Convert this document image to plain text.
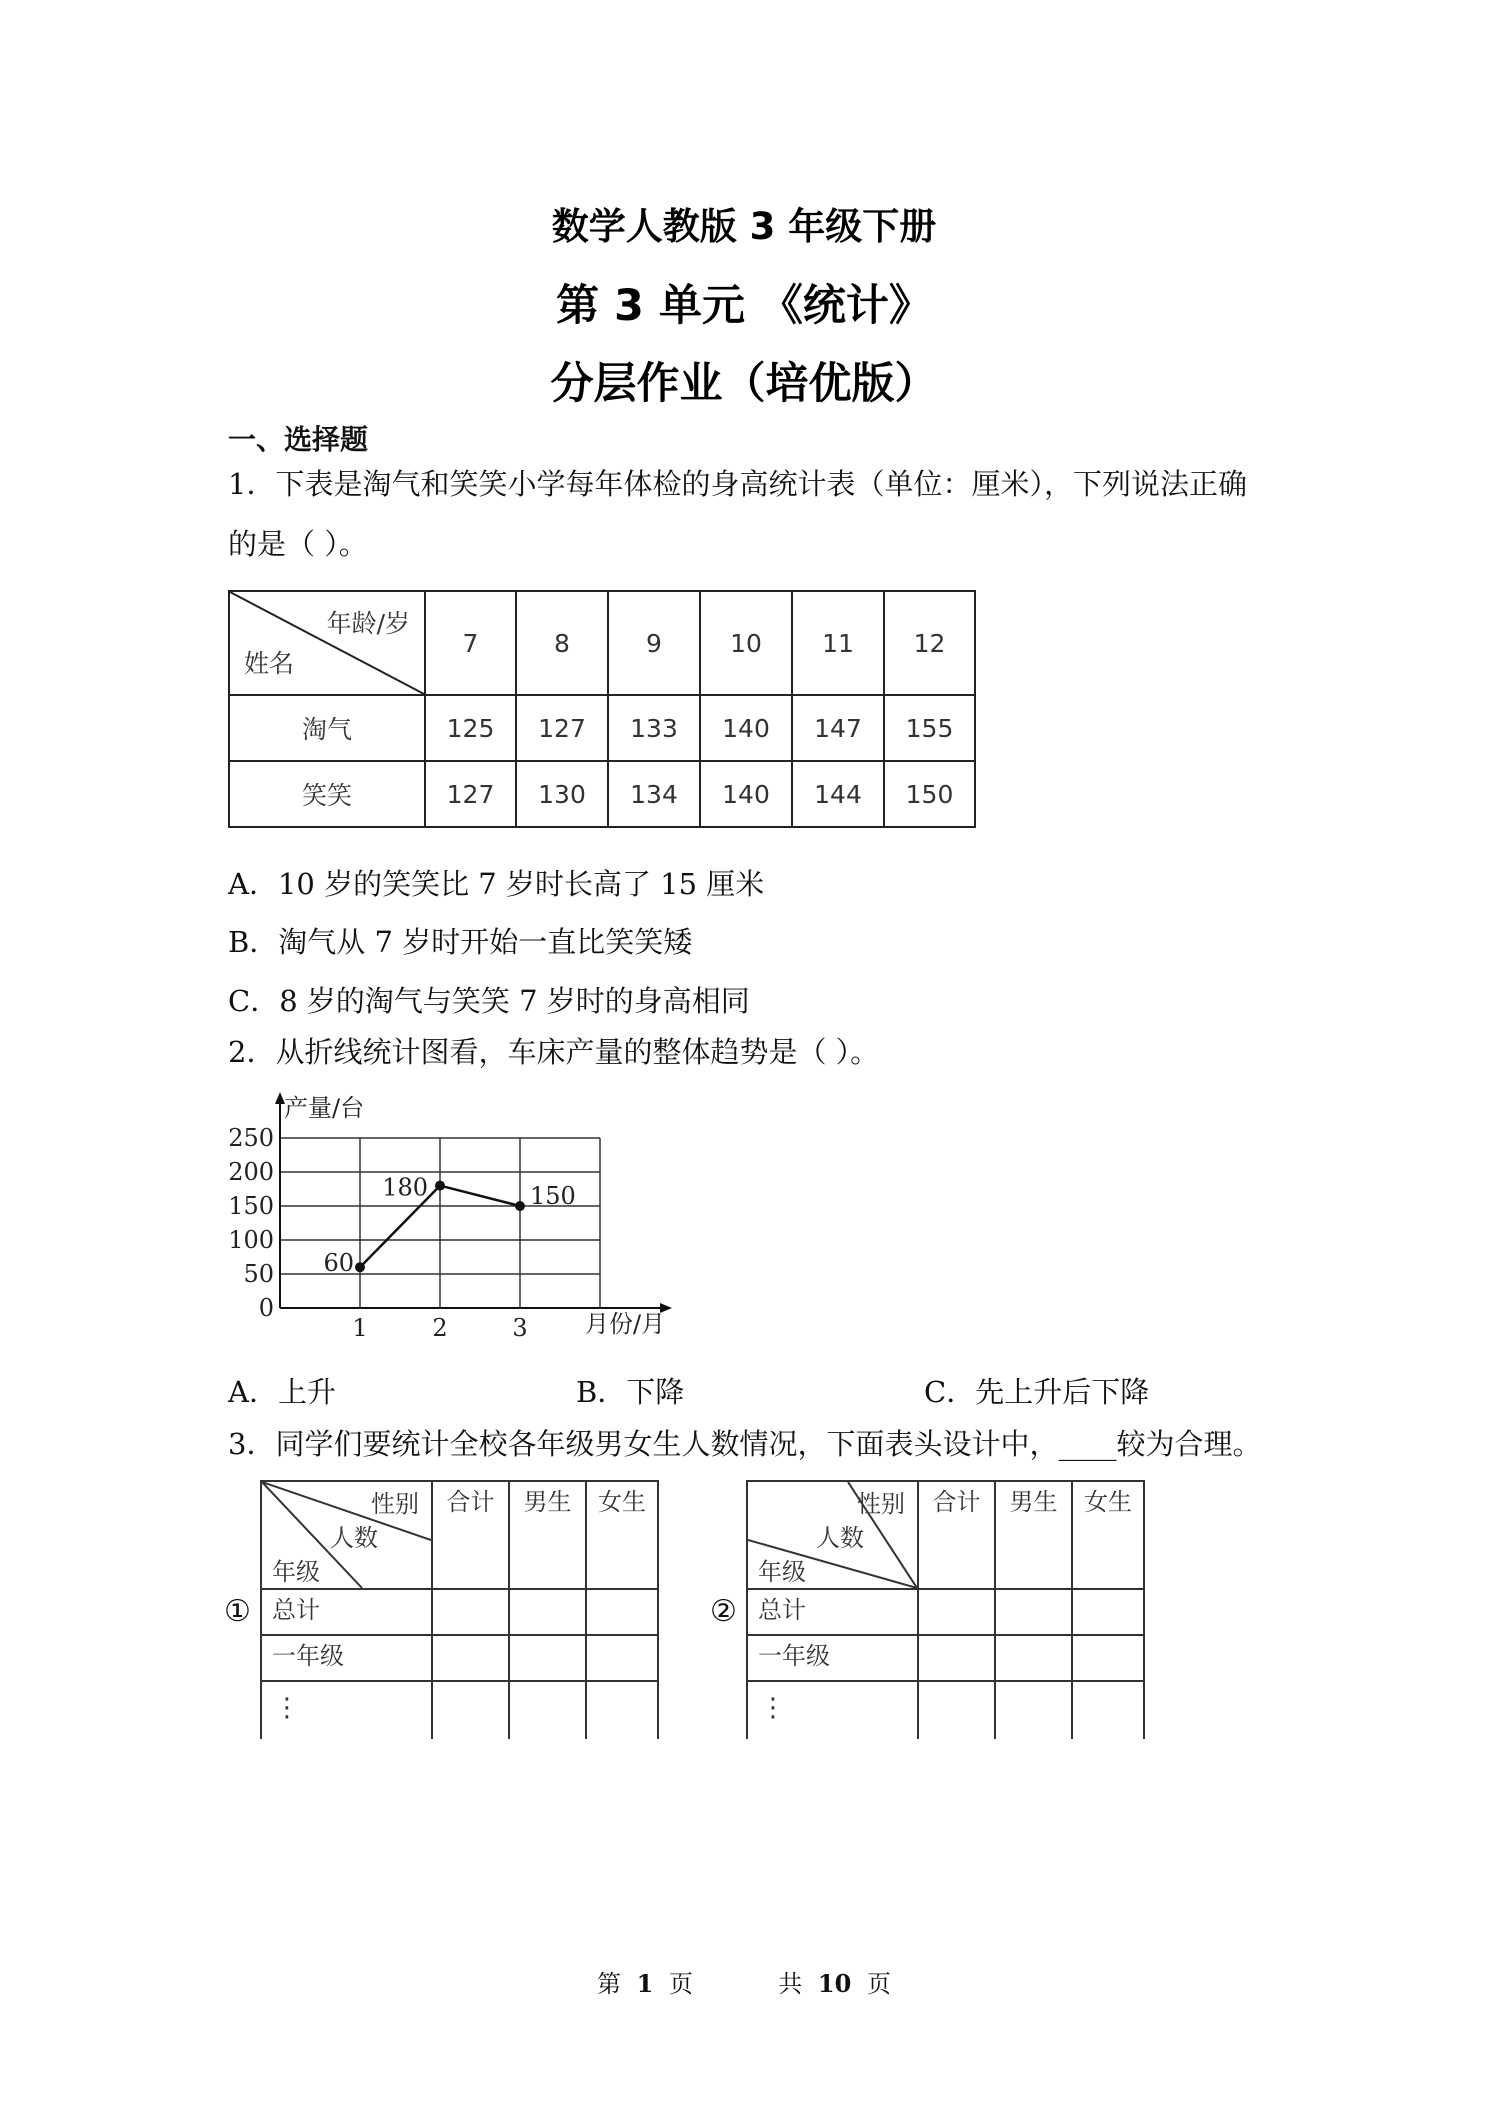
数学人教版 3 年级下册
第 3 单元 《统计》
分层作业（培优版）
一、选择题
1．下表是淘气和笑笑小学每年体检的身高统计表（单位：厘米），下列说法正确
的是（ ）。
年龄/岁
姓名	7	8	9	10	11	12
淘气	125	127	133	140	147	155
笑笑	127	130	134	140	144	150
A．10 岁的笑笑比 7 岁时长高了 15 厘米
B．淘气从 7 岁时开始一直比笑笑矮
C．8 岁的淘气与笑笑 7 岁时的身高相同
2．从折线统计图看，车床产量的整体趋势是（ ）。
250
200
150
100
50
0
1	2	3
60
180	150
产量/台
月份/月
A．上升	B．下降	C．先上升后下降
3．同学们要统计全校各年级男女生人数情况，下面表头设计中，____较为合理。
①
性别
人数
年级	合计	男生	女生
总计			
一年级			
⋮			
②
性别
人数
年级	合计	男生	女生
总计			
一年级			
⋮			
第 1 页	共 10 页
